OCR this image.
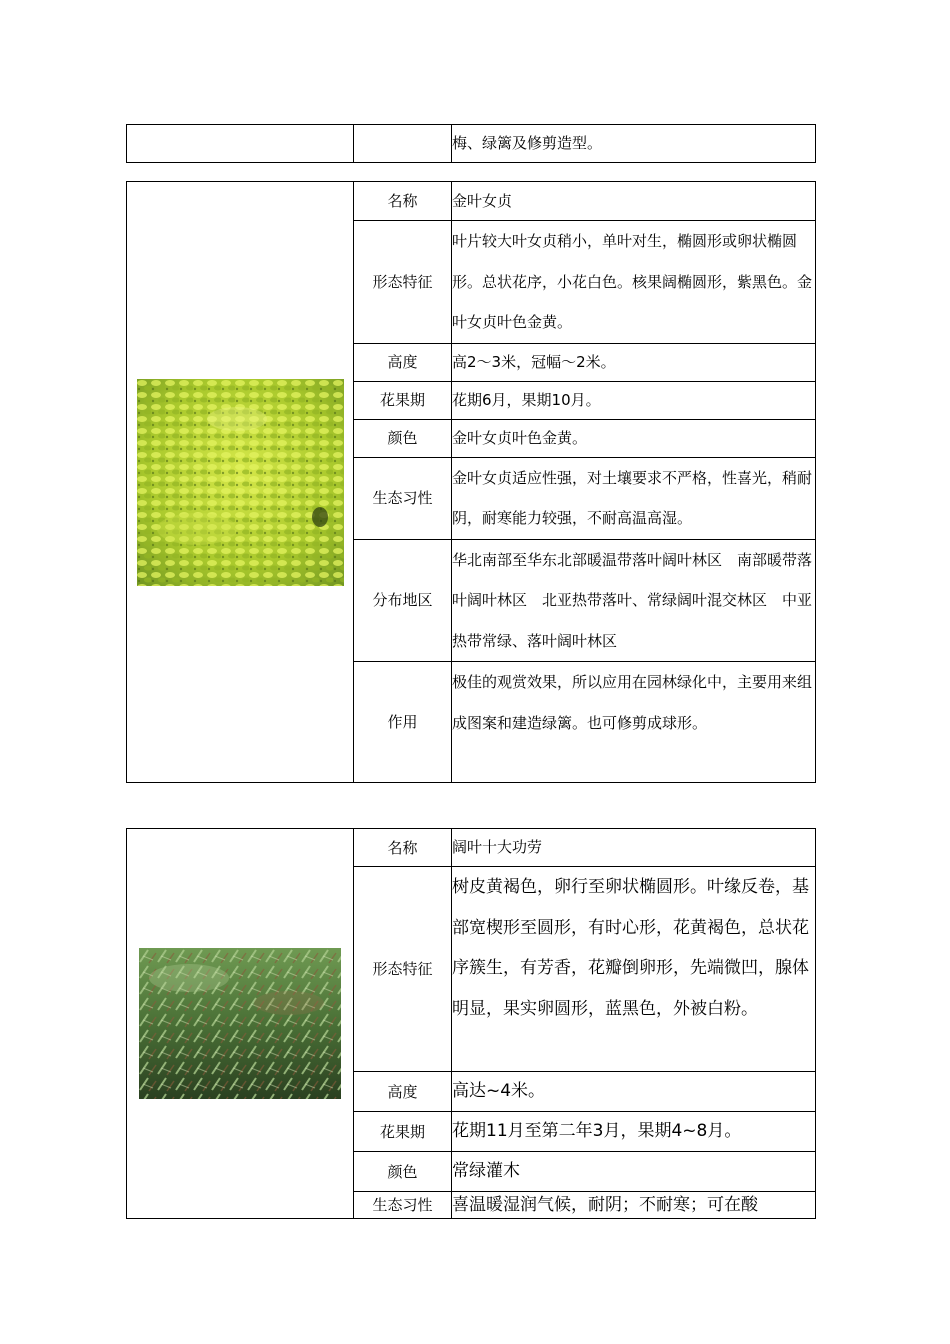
梅、绿篱及修剪造型。
	名称	金叶女贞

	形态特征	叶片较大叶女贞稍小，单叶对生，椭圆形或卵状椭圆形。总状花序，小花白色。核果阔椭圆形，紫黑色。金叶女贞叶色金黄。

	高度	高2～3米，冠幅～2米。

	花果期	花期6月，果期10月。

	颜色	金叶女贞叶色金黄。

	生态习性	金叶女贞适应性强，对土壤要求不严格，性喜光，稍耐阴，耐寒能力较强，不耐高温高湿。

	分布地区	华北南部至华东北部暖温带落叶阔叶林区　南部暖带落叶阔叶林区　北亚热带落叶、常绿阔叶混交林区　中亚热带常绿、落叶阔叶林区

	作用	极佳的观赏效果，所以应用在园林绿化中，主要用来组成图案和建造绿篱。也可修剪成球形。
	名称	阔叶十大功劳

	形态特征	树皮黄褐色，卵行至卵状椭圆形。叶缘反卷，基部宽楔形至圆形，有时心形，花黄褐色，总状花序簇生，有芳香，花瓣倒卵形，先端微凹，腺体明显，果实卵圆形，蓝黑色，外被白粉。

	高度	高达~4米。

	花果期	花期11月至第二年3月，果期4~8月。

	颜色	常绿灌木

	生态习性	喜温暖湿润气候，耐阴；不耐寒；可在酸
